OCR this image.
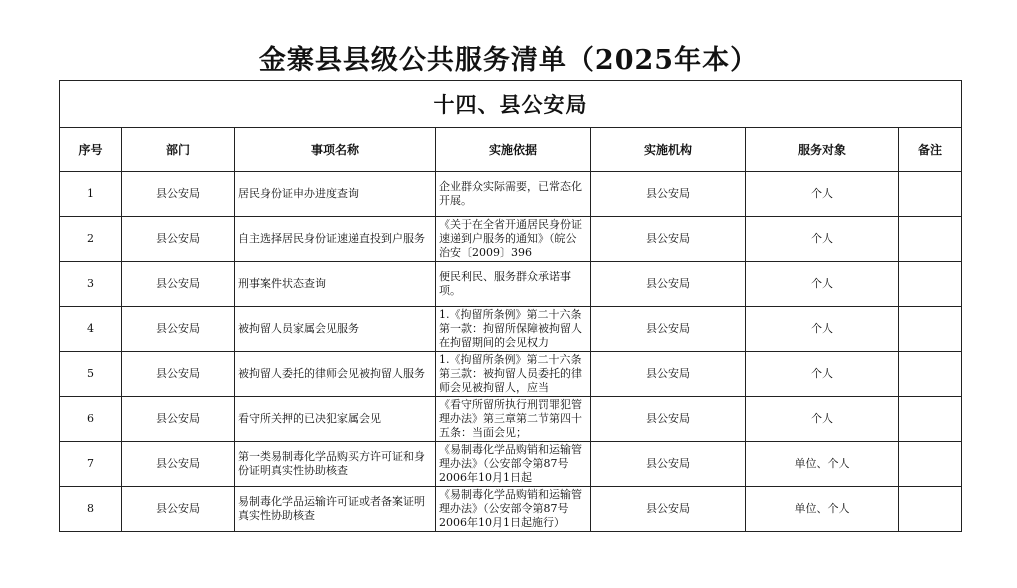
金寨县县级公共服务清单（2025年本）
十四、县公安局						
序号	部门	事项名称	实施依据	实施机构	服务对象	备注
1	县公安局	居民身份证申办进度查询	企业群众实际需要，已常态化开展。	县公安局	个人	
2	县公安局	自主选择居民身份证速递直投到户服务	《关于在全省开通居民身份证速递到户服务的通知》（皖公治安〔2009〕396	县公安局	个人	
3	县公安局	刑事案件状态查询	便民利民、服务群众承诺事项。	县公安局	个人	
4	县公安局	被拘留人员家属会见服务	1.《拘留所条例》第二十六条第一款：拘留所保障被拘留人在拘留期间的会见权力	县公安局	个人	
5	县公安局	被拘留人委托的律师会见被拘留人服务	1.《拘留所条例》第二十六条第三款：被拘留人员委托的律师会见被拘留人，应当	县公安局	个人	
6	县公安局	看守所关押的已决犯家属会见	《看守所留所执行刑罚罪犯管理办法》第三章第二节第四十五条：当面会见；	县公安局	个人	
7	县公安局	第一类易制毒化学品购买方许可证和身份证明真实性协助核查	《易制毒化学品购销和运输管理办法》（公安部令第87号　2006年10月1日起	县公安局	单位、个人	
8	县公安局	易制毒化学品运输许可证或者备案证明真实性协助核查	《易制毒化学品购销和运输管理办法》（公安部令第87号　2006年10月1日起施行）	县公安局	单位、个人	
